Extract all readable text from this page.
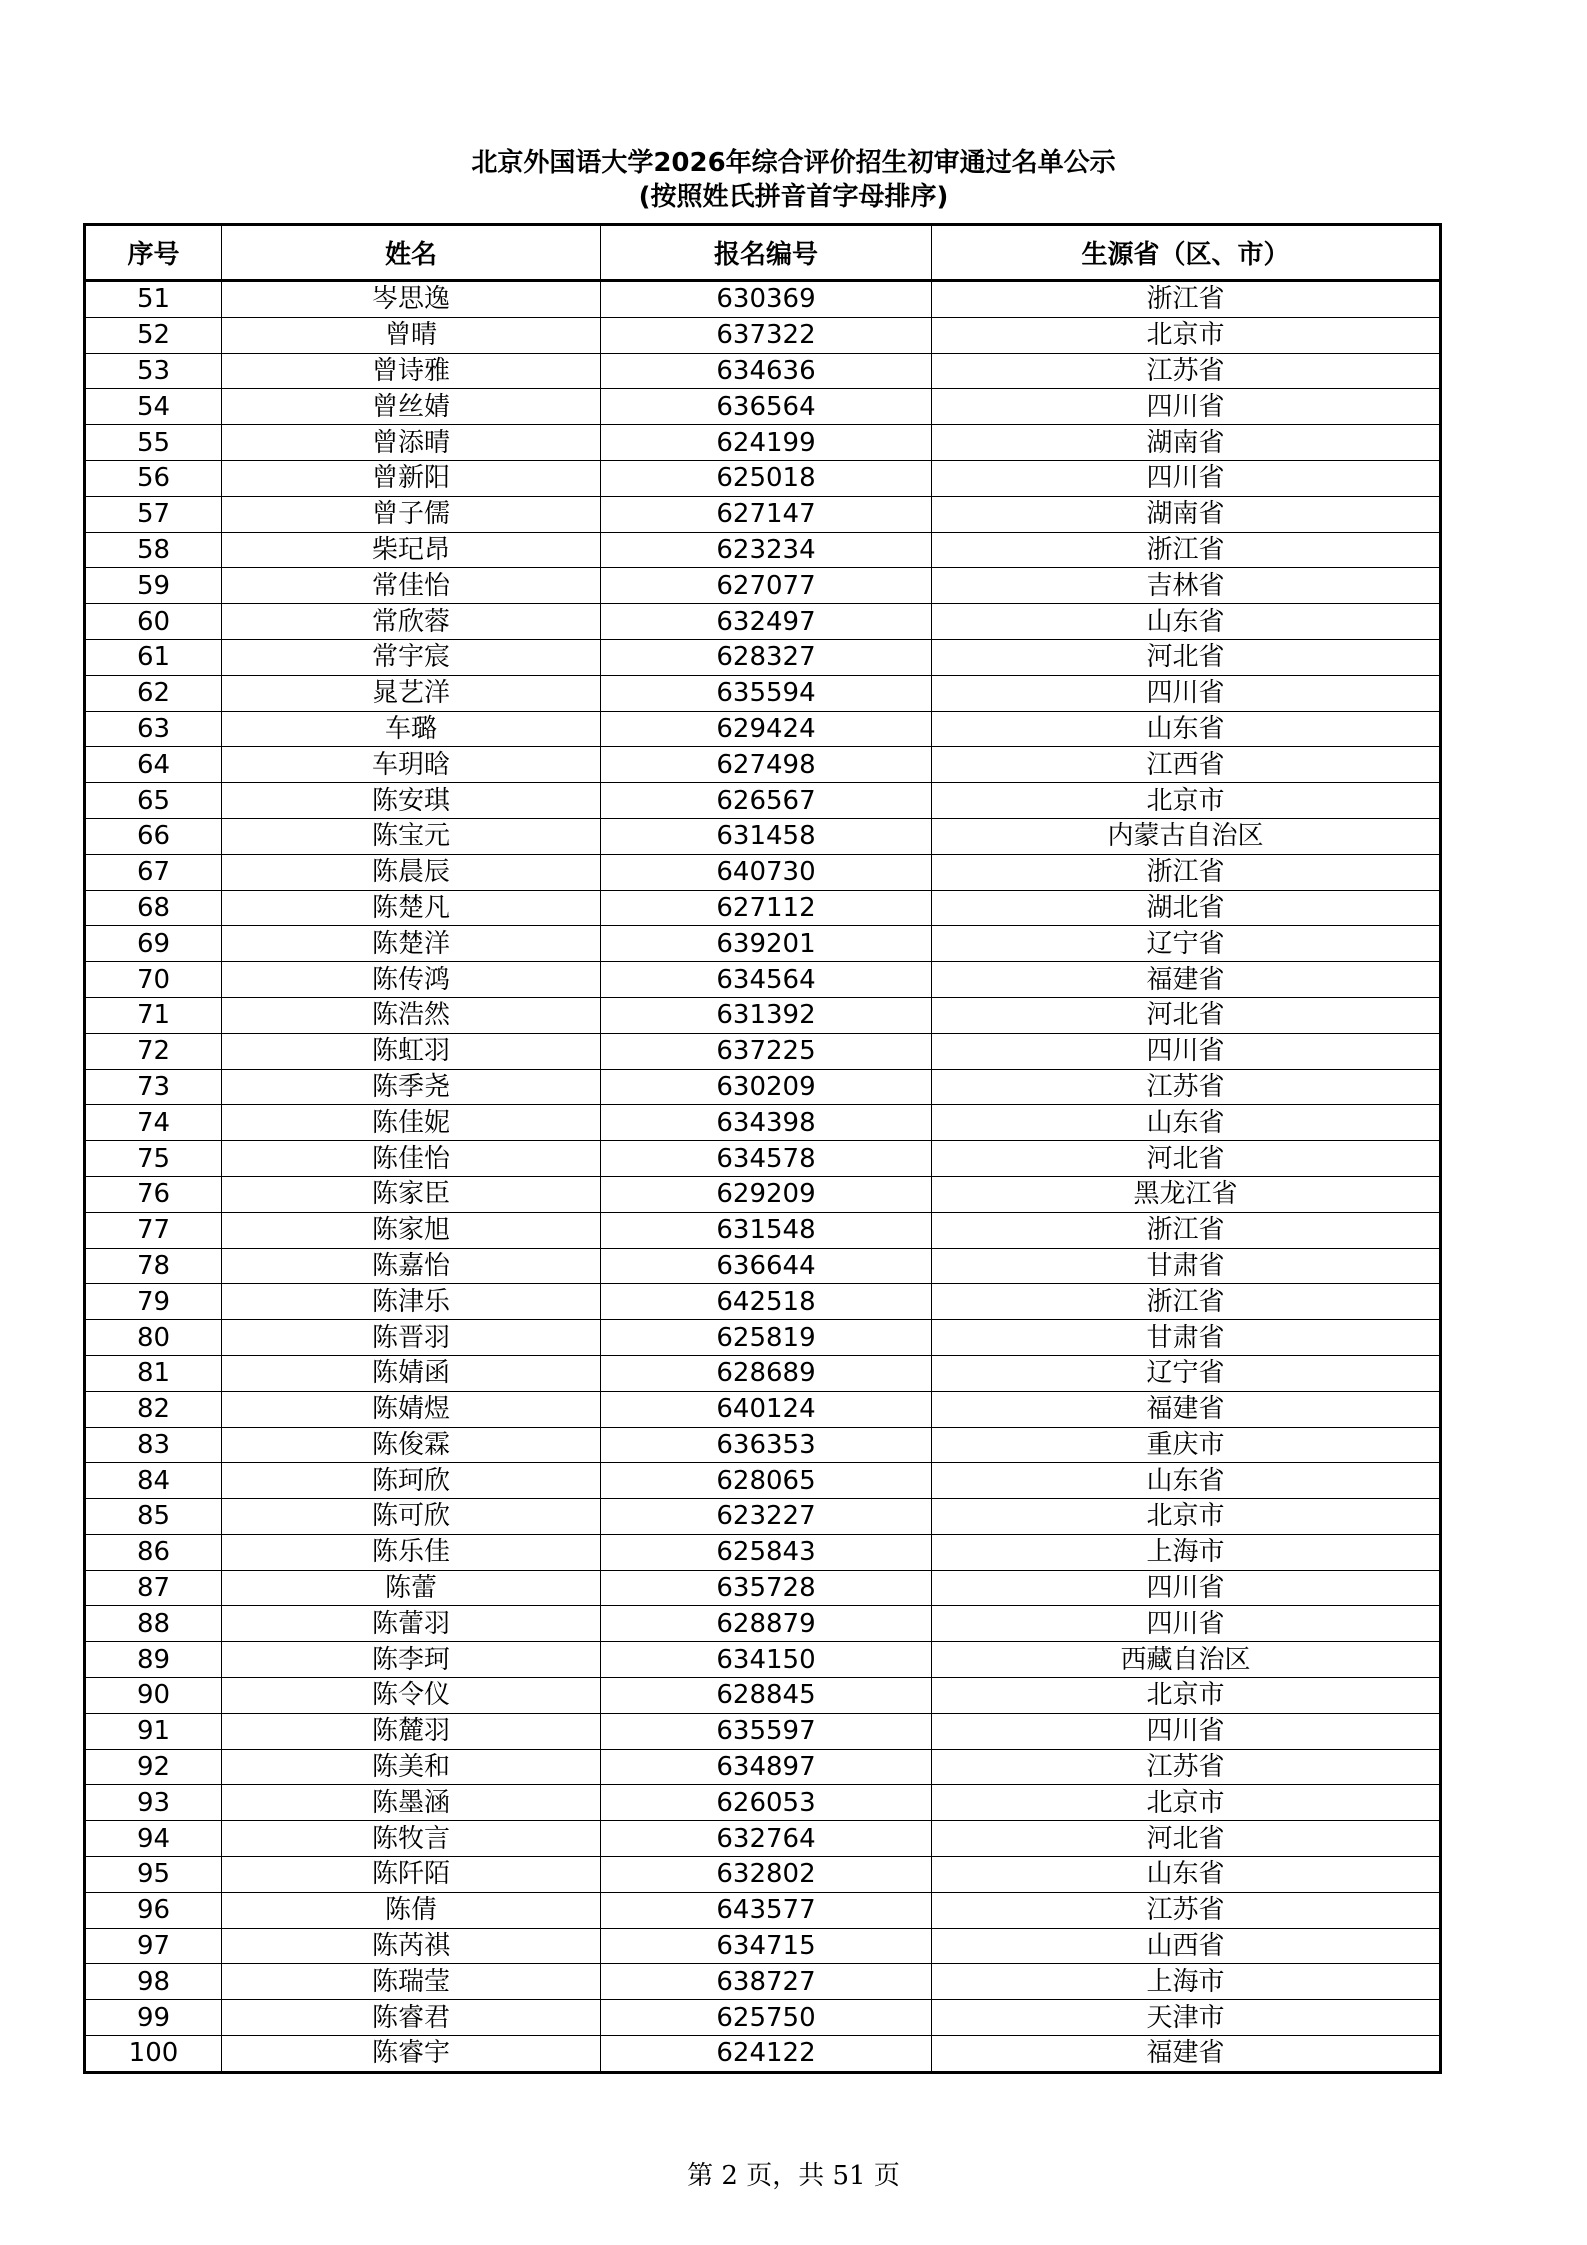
北京外国语大学2026年综合评价招生初审通过名单公示
(按照姓氏拼音首字母排序)
序号	姓名	报名编号	生源省（区、市）
51	岑思逸	630369	浙江省
52	曾晴	637322	北京市
53	曾诗雅	634636	江苏省
54	曾丝婧	636564	四川省
55	曾添晴	624199	湖南省
56	曾新阳	625018	四川省
57	曾子儒	627147	湖南省
58	柴玘昂	623234	浙江省
59	常佳怡	627077	吉林省
60	常欣蓉	632497	山东省
61	常宇宸	628327	河北省
62	晁艺洋	635594	四川省
63	车璐	629424	山东省
64	车玥晗	627498	江西省
65	陈安琪	626567	北京市
66	陈宝元	631458	内蒙古自治区
67	陈晨辰	640730	浙江省
68	陈楚凡	627112	湖北省
69	陈楚洋	639201	辽宁省
70	陈传鸿	634564	福建省
71	陈浩然	631392	河北省
72	陈虹羽	637225	四川省
73	陈季尧	630209	江苏省
74	陈佳妮	634398	山东省
75	陈佳怡	634578	河北省
76	陈家臣	629209	黑龙江省
77	陈家旭	631548	浙江省
78	陈嘉怡	636644	甘肃省
79	陈津乐	642518	浙江省
80	陈晋羽	625819	甘肃省
81	陈婧函	628689	辽宁省
82	陈婧煜	640124	福建省
83	陈俊霖	636353	重庆市
84	陈珂欣	628065	山东省
85	陈可欣	623227	北京市
86	陈乐佳	625843	上海市
87	陈蕾	635728	四川省
88	陈蕾羽	628879	四川省
89	陈李珂	634150	西藏自治区
90	陈令仪	628845	北京市
91	陈麓羽	635597	四川省
92	陈美和	634897	江苏省
93	陈墨涵	626053	北京市
94	陈牧言	632764	河北省
95	陈阡陌	632802	山东省
96	陈倩	643577	江苏省
97	陈芮祺	634715	山西省
98	陈瑞莹	638727	上海市
99	陈睿君	625750	天津市
100	陈睿宇	624122	福建省
第 2 页，共 51 页
